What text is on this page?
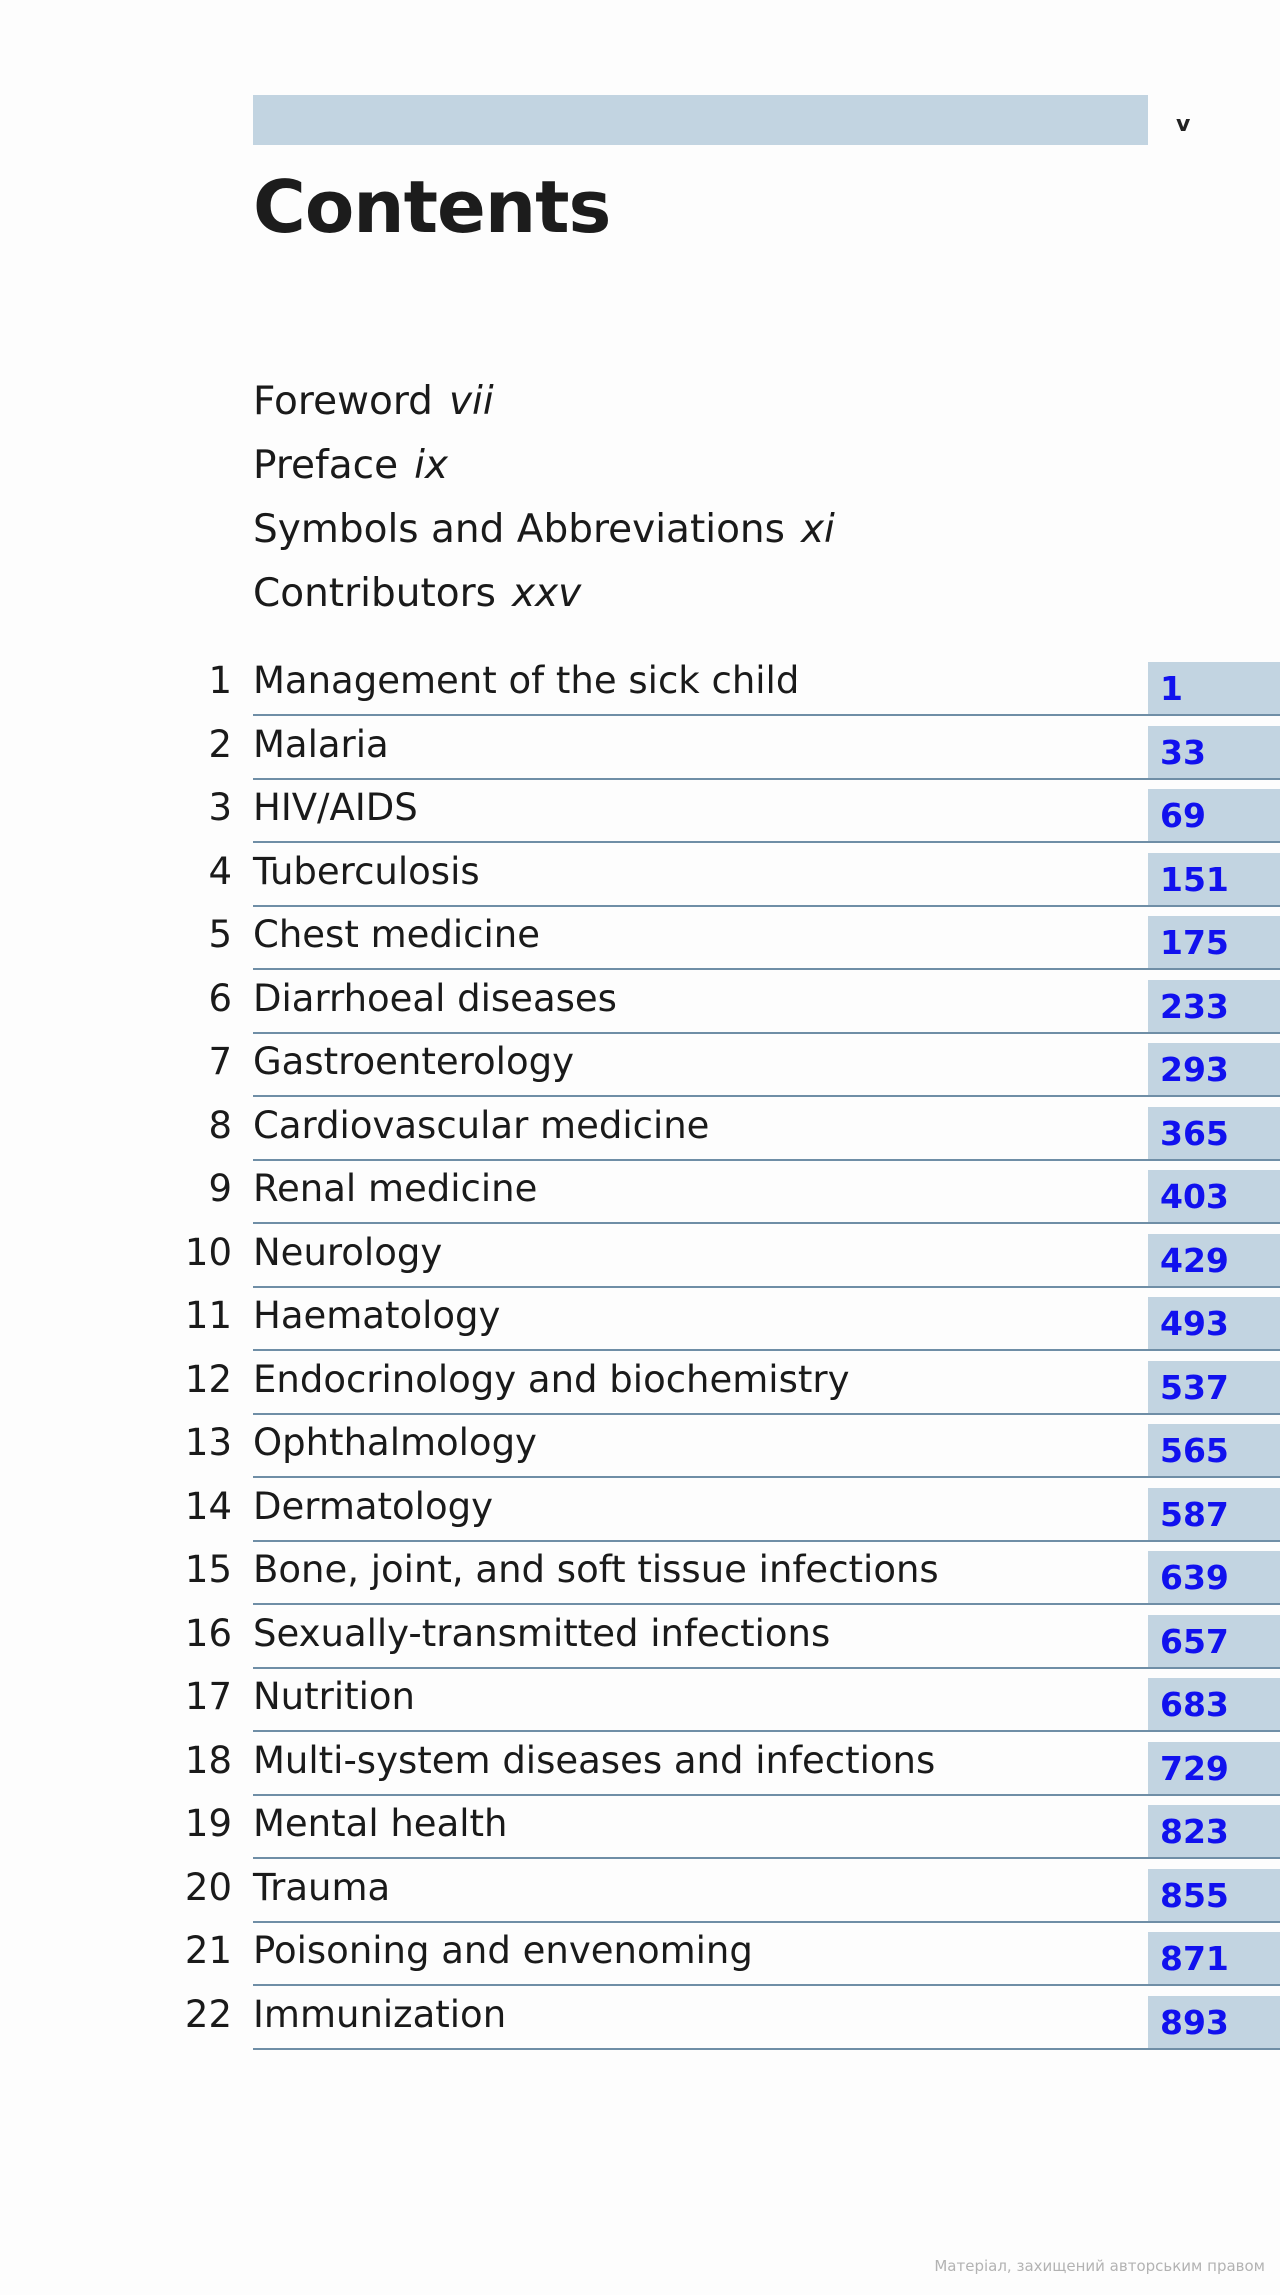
v
Contents
Foreword vii
Preface ix
Symbols and Abbreviations xi
Contributors xxv
1 Management of the sick child	1
2 Malaria	33
3 HIV/AIDS	69
4 Tuberculosis	151
5 Chest medicine	175
6 Diarrhoeal diseases	233
7 Gastroenterology	293
8 Cardiovascular medicine	365
9 Renal medicine	403
10 Neurology	429
11 Haematology	493
12 Endocrinology and biochemistry	537
13 Ophthalmology	565
14 Dermatology	587
15 Bone, joint, and soft tissue infections	639
16 Sexually-transmitted infections	657
17 Nutrition	683
18 Multi-system diseases and infections	729
19 Mental health	823
20 Trauma	855
21 Poisoning and envenoming	871
22 Immunization	893
Матеріал, захищений авторським правом
